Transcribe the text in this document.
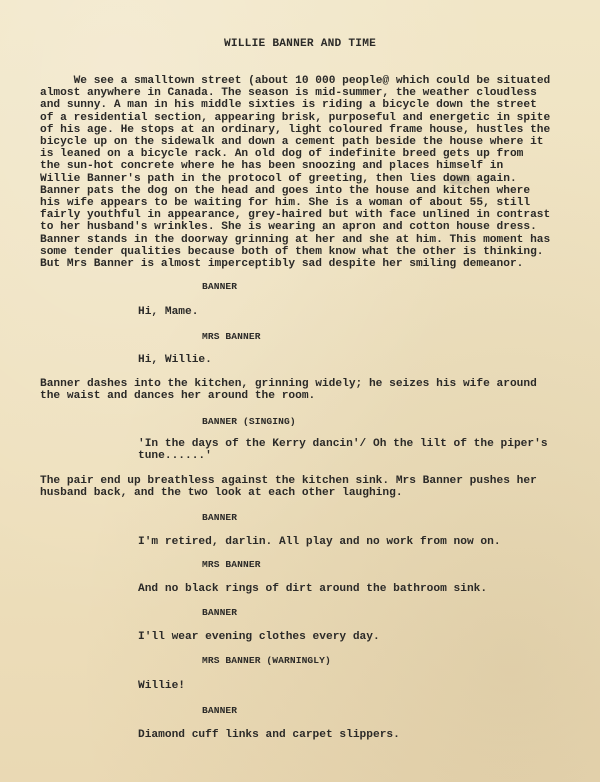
WILLIE BANNER AND TIME
We see a smalltown street (about 10 000 people@ which could be situated
almost anywhere in Canada. The season is mid-summer, the weather cloudless
and sunny. A man in his middle sixties is riding a bicycle down the street
of a residential section, appearing brisk, purposeful and energetic in spite
of his age. He stops at an ordinary, light coloured frame house, hustles the
bicycle up on the sidewalk and down a cement path beside the house where it
is leaned on a bicycle rack. An old dog of indefinite breed gets up from
the sun-hot concrete where he has been snoozing and places himself in
Willie Banner's path in the protocol of greeting, then lies down again.
Banner pats the dog on the head and goes into the house and kitchen where
his wife appears to be waiting for him. She is a woman of about 55, still
fairly youthful in appearance, grey-haired but with face unlined in contrast
to her husband's wrinkles. She is wearing an apron and cotton house dress.
Banner stands in the doorway grinning at her and she at him. This moment has
some tender qualities because both of them know what the other is thinking.
But Mrs Banner is almost imperceptibly sad despite her smiling demeanor.
BANNER
Hi, Mame.
MRS BANNER
Hi, Willie.
Banner dashes into the kitchen, grinning widely; he seizes his wife around
the waist and dances her around the room.
BANNER (SINGING)
'In the days of the Kerry dancin'/ Oh the lilt of the piper's
tune......'
The pair end up breathless against the kitchen sink. Mrs Banner pushes her
husband back, and the two look at each other laughing.
BANNER
I'm retired, darlin. All play and no work from now on.
MRS BANNER
And no black rings of dirt around the bathroom sink.
BANNER
I'll wear evening clothes every day.
MRS BANNER (WARNINGLY)
Willie!
BANNER
Diamond cuff links and carpet slippers.
